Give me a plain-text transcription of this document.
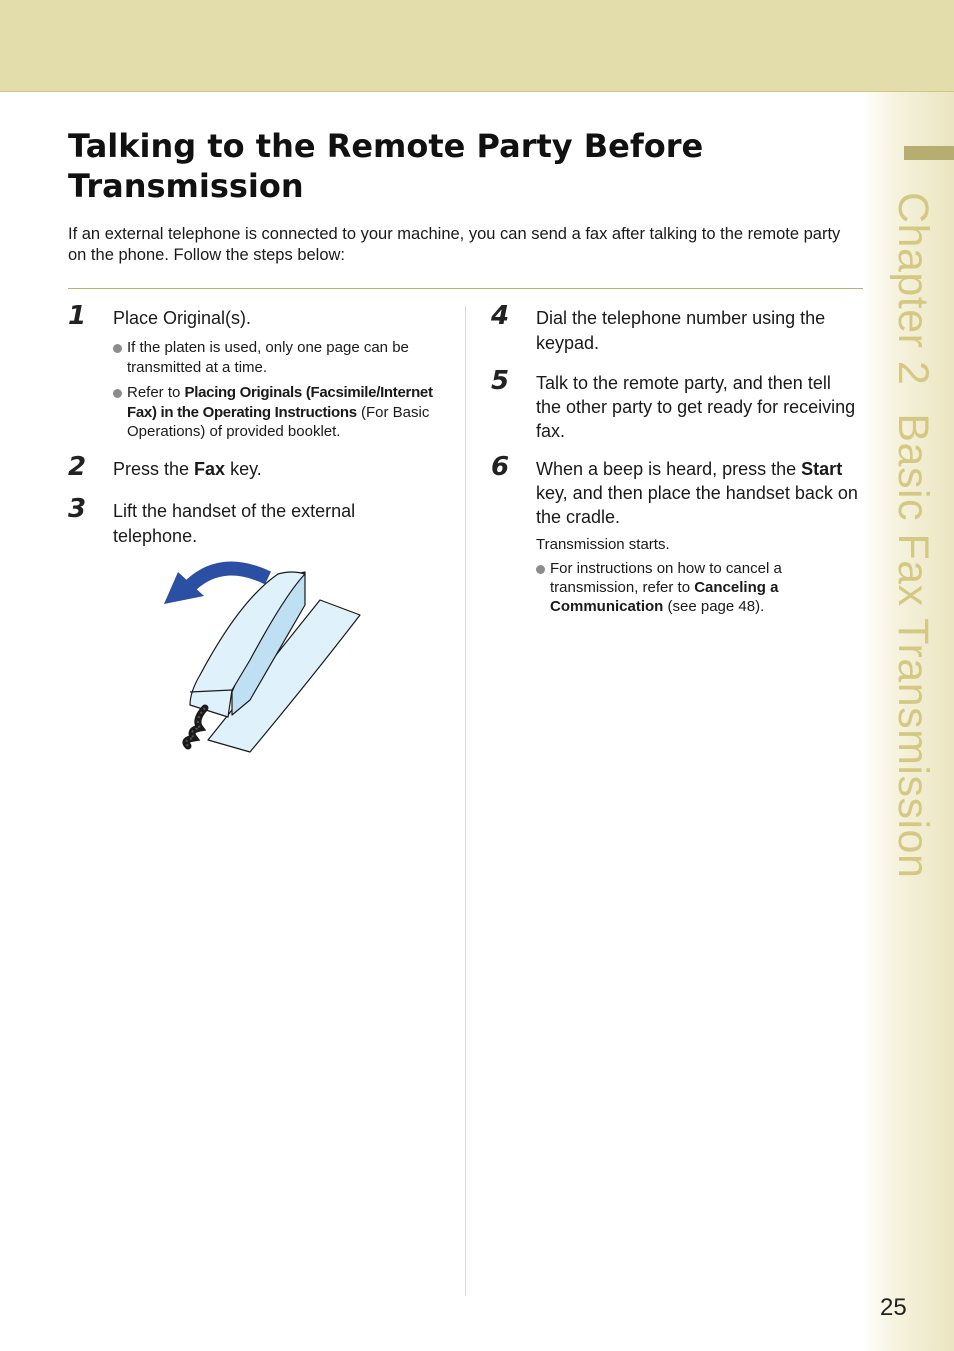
Chapter 2Basic Fax Transmission
Talking to the Remote Party Before Transmission

If an external telephone is connected to your machine, you can send a fax after talking to the remote party on the phone. Follow the steps below:

1 Place Original(s).

If the platen is used, only one page can be transmitted at a time.
Refer to Placing Originals (Facsimile/Internet Fax) in the Operating Instructions (For Basic Operations) of provided booklet.
2 Press the Fax key.

3 Lift the handset of the external telephone.

4 Dial the telephone number using the keypad.

5 Talk to the remote party, and then tell the other party to get ready for receiving fax.

6 When a beep is heard, press the Start key, and then place the handset back on the cradle.

Transmission starts.

For instructions on how to cancel a transmission, refer to Canceling a Communication (see page 48).

25
